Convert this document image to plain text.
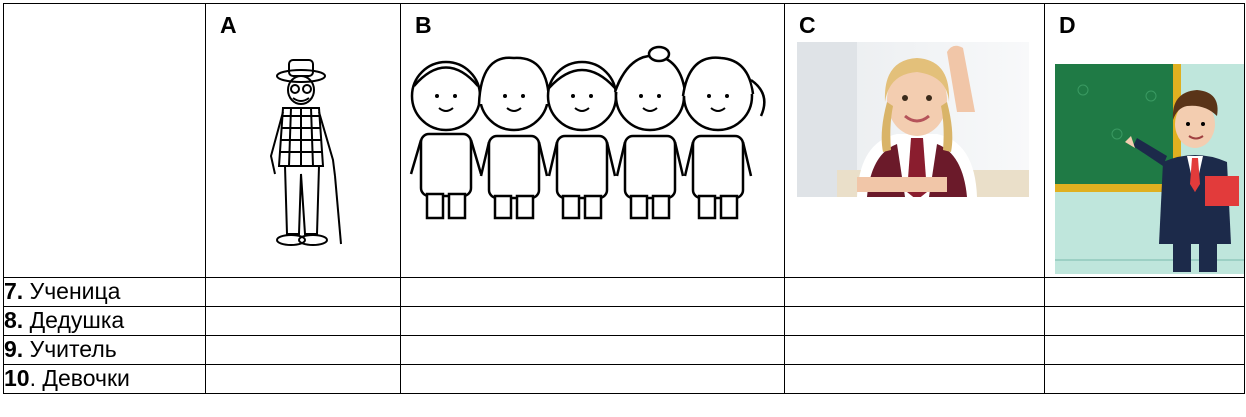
	A	B	C	D

7. Ученица				
8. Дедушка				
9. Учитель				
10. Девочки				
